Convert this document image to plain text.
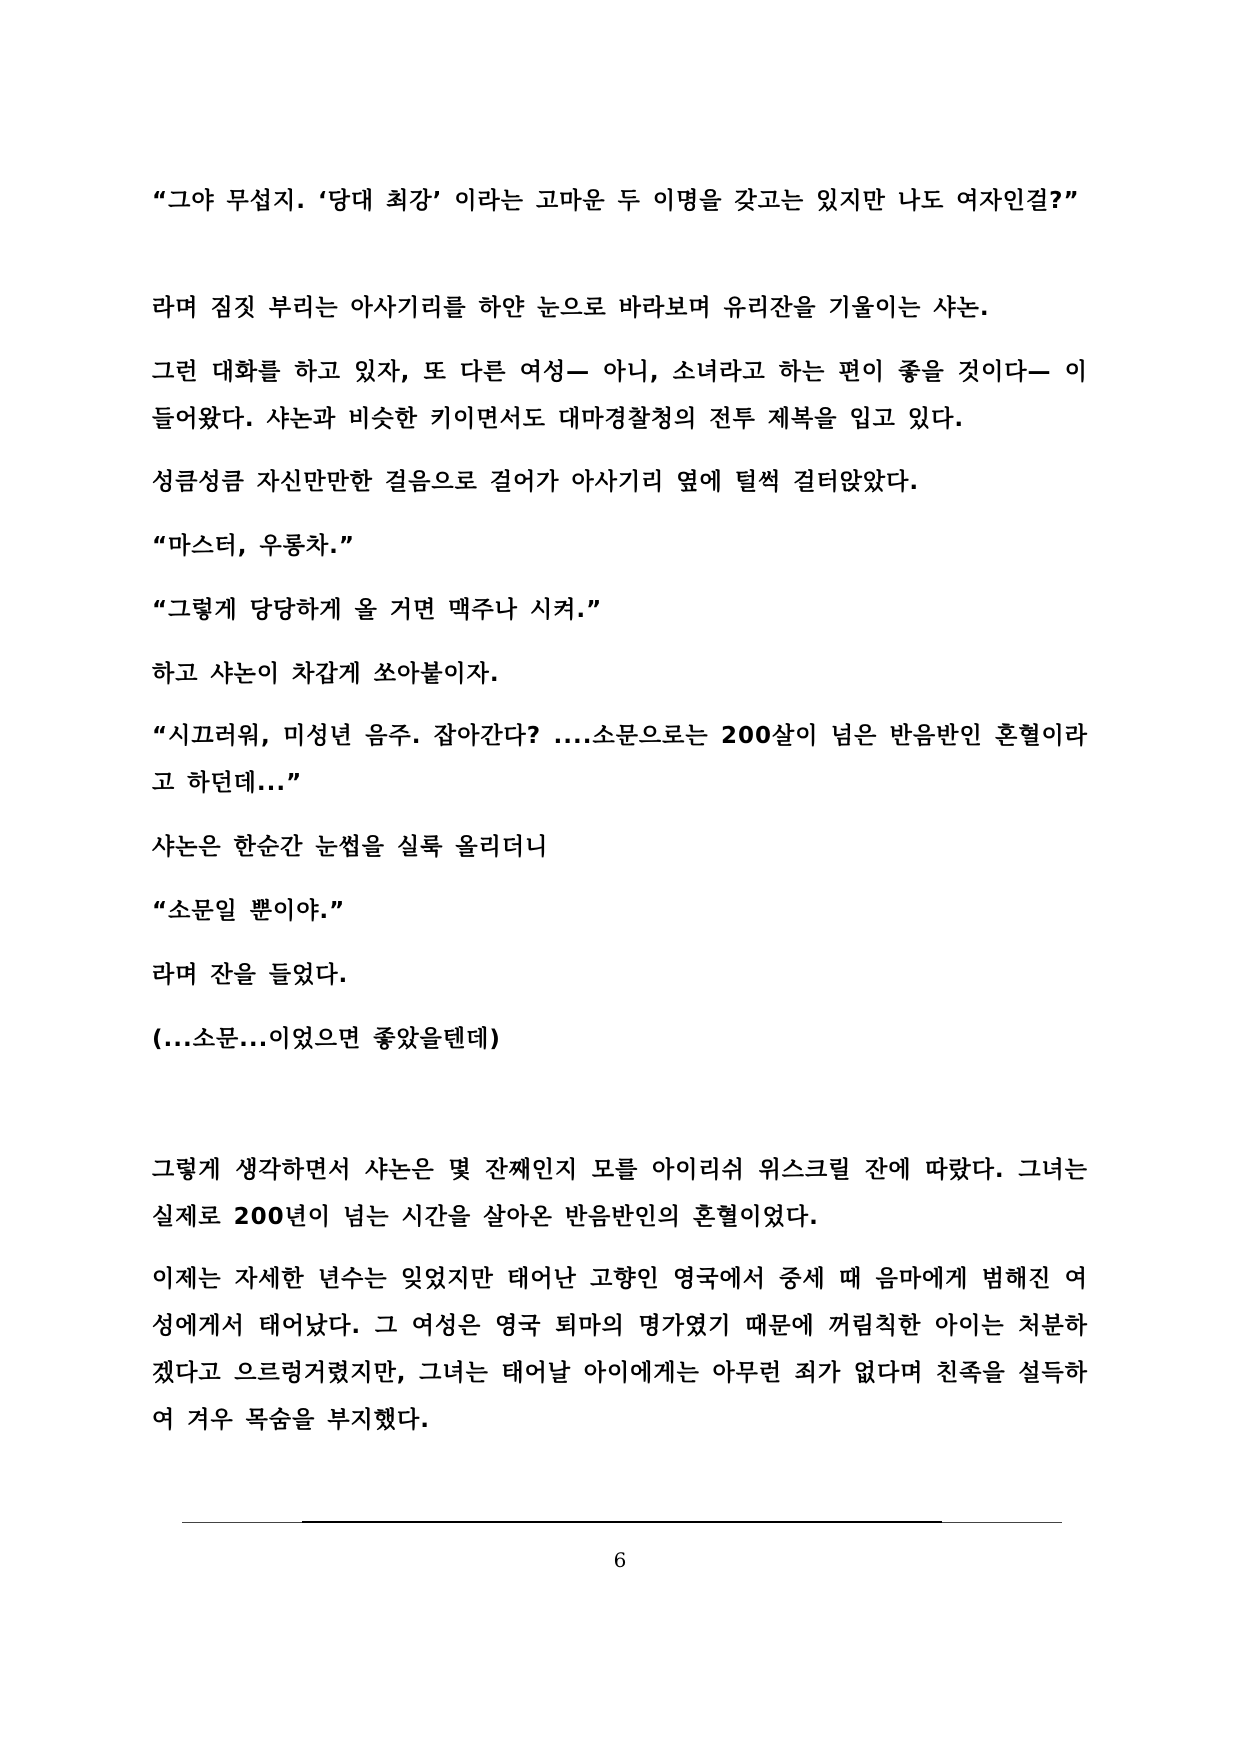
“그야 무섭지. ‘당대 최강’ 이라는 고마운 두 이명을 갖고는 있지만 나도 여자인걸?”

라며 짐짓 부리는 아사기리를 하얀 눈으로 바라보며 유리잔을 기울이는 샤논.

그런 대화를 하고 있자, 또 다른 여성— 아니, 소녀라고 하는 편이 좋을 것이다— 이 들어왔다. 샤논과 비슷한 키이면서도 대마경찰청의 전투 제복을 입고 있다.

성큼성큼 자신만만한 걸음으로 걸어가 아사기리 옆에 털썩 걸터앉았다.

“마스터, 우롱차.”

“그렇게 당당하게 올 거면 맥주나 시켜.”

하고 샤논이 차갑게 쏘아붙이자.

“시끄러워, 미성년 음주. 잡아간다? ....소문으로는 200살이 넘은 반음반인 혼혈이라고 하던데...”

샤논은 한순간 눈썹을 실룩 올리더니

“소문일 뿐이야.”

라며 잔을 들었다.

(...소문...이었으면 좋았을텐데)

그렇게 생각하면서 샤논은 몇 잔째인지 모를 아이리쉬 위스크릴 잔에 따랐다. 그녀는 실제로 200년이 넘는 시간을 살아온 반음반인의 혼혈이었다.

이제는 자세한 년수는 잊었지만 태어난 고향인 영국에서 중세 때 음마에게 범해진 여성에게서 태어났다. 그 여성은 영국 퇴마의 명가였기 때문에 꺼림칙한 아이는 처분하겠다고 으르렁거렸지만, 그녀는 태어날 아이에게는 아무런 죄가 없다며 친족을 설득하여 겨우 목숨을 부지했다.

6
